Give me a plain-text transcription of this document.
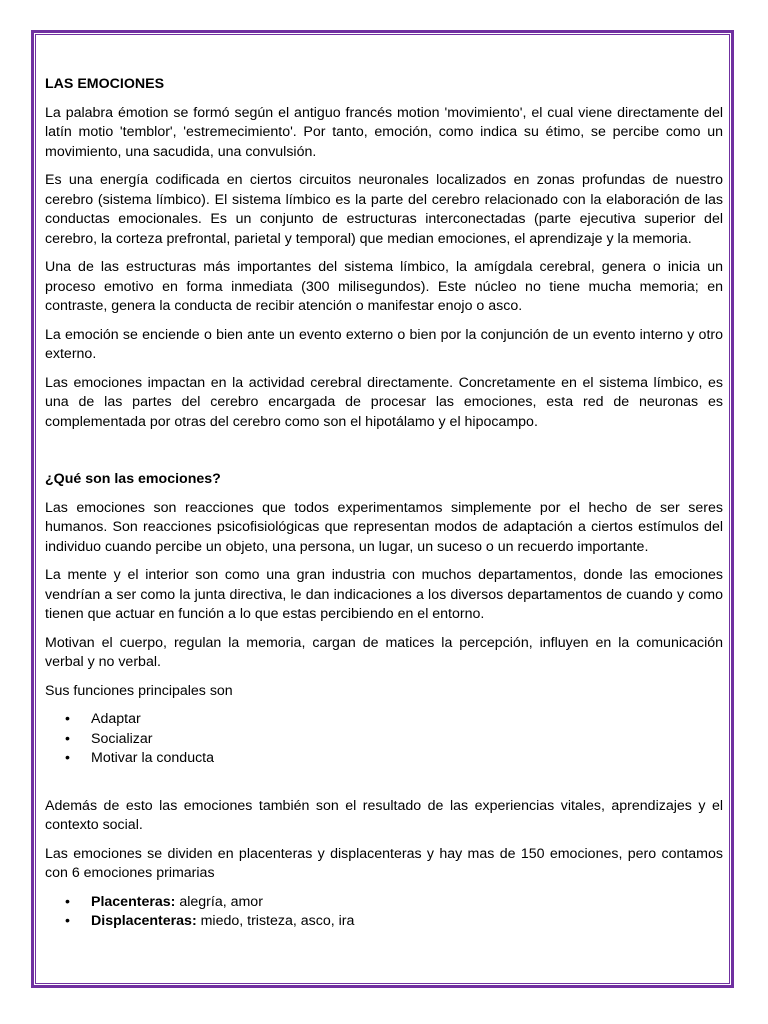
LAS EMOCIONES

La palabra émotion se formó según el antiguo francés motion 'movimiento', el cual viene directamente del latín motio 'temblor', 'estremecimiento'. Por tanto, emoción, como indica su étimo, se percibe como un movimiento, una sacudida, una convulsión.

Es una energía codificada en ciertos circuitos neuronales localizados en zonas profundas de nuestro cerebro (sistema límbico). El sistema límbico es la parte del cerebro relacionado con la elaboración de las conductas emocionales. Es un conjunto de estructuras interconectadas (parte ejecutiva superior del cerebro, la corteza prefrontal, parietal y temporal) que median emociones, el aprendizaje y la memoria.

Una de las estructuras más importantes del sistema límbico, la amígdala cerebral, genera o inicia un proceso emotivo en forma inmediata (300 milisegundos). Este núcleo no tiene mucha memoria; en contraste, genera la conducta de recibir atención o manifestar enojo o asco.

La emoción se enciende o bien ante un evento externo o bien por la conjunción de un evento interno y otro externo.

Las emociones impactan en la actividad cerebral directamente. Concretamente en el sistema límbico, es una de las partes del cerebro encargada de procesar las emociones, esta red de neuronas es complementada por otras del cerebro como son el hipotálamo y el hipocampo.

¿Qué son las emociones?

Las emociones son reacciones que todos experimentamos simplemente por el hecho de ser seres humanos. Son reacciones psicofisiológicas que representan modos de adaptación a ciertos estímulos del individuo cuando percibe un objeto, una persona, un lugar, un suceso o un recuerdo importante.

La mente y el interior son como una gran industria con muchos departamentos, donde las emociones vendrían a ser como la junta directiva, le dan indicaciones a los diversos departamentos de cuando y como tienen que actuar en función a lo que estas percibiendo en el entorno.

Motivan el cuerpo, regulan la memoria, cargan de matices la percepción, influyen en la comunicación verbal y no verbal.

Sus funciones principales son

• Adaptar
• Socializar
• Motivar la conducta

Además de esto las emociones también son el resultado de las experiencias vitales, aprendizajes y el contexto social.

Las emociones se dividen en placenteras y displacenteras y hay mas de 150 emociones, pero contamos con 6 emociones primarias

• Placenteras: alegría, amor
• Displacenteras: miedo, tristeza, asco, ira
